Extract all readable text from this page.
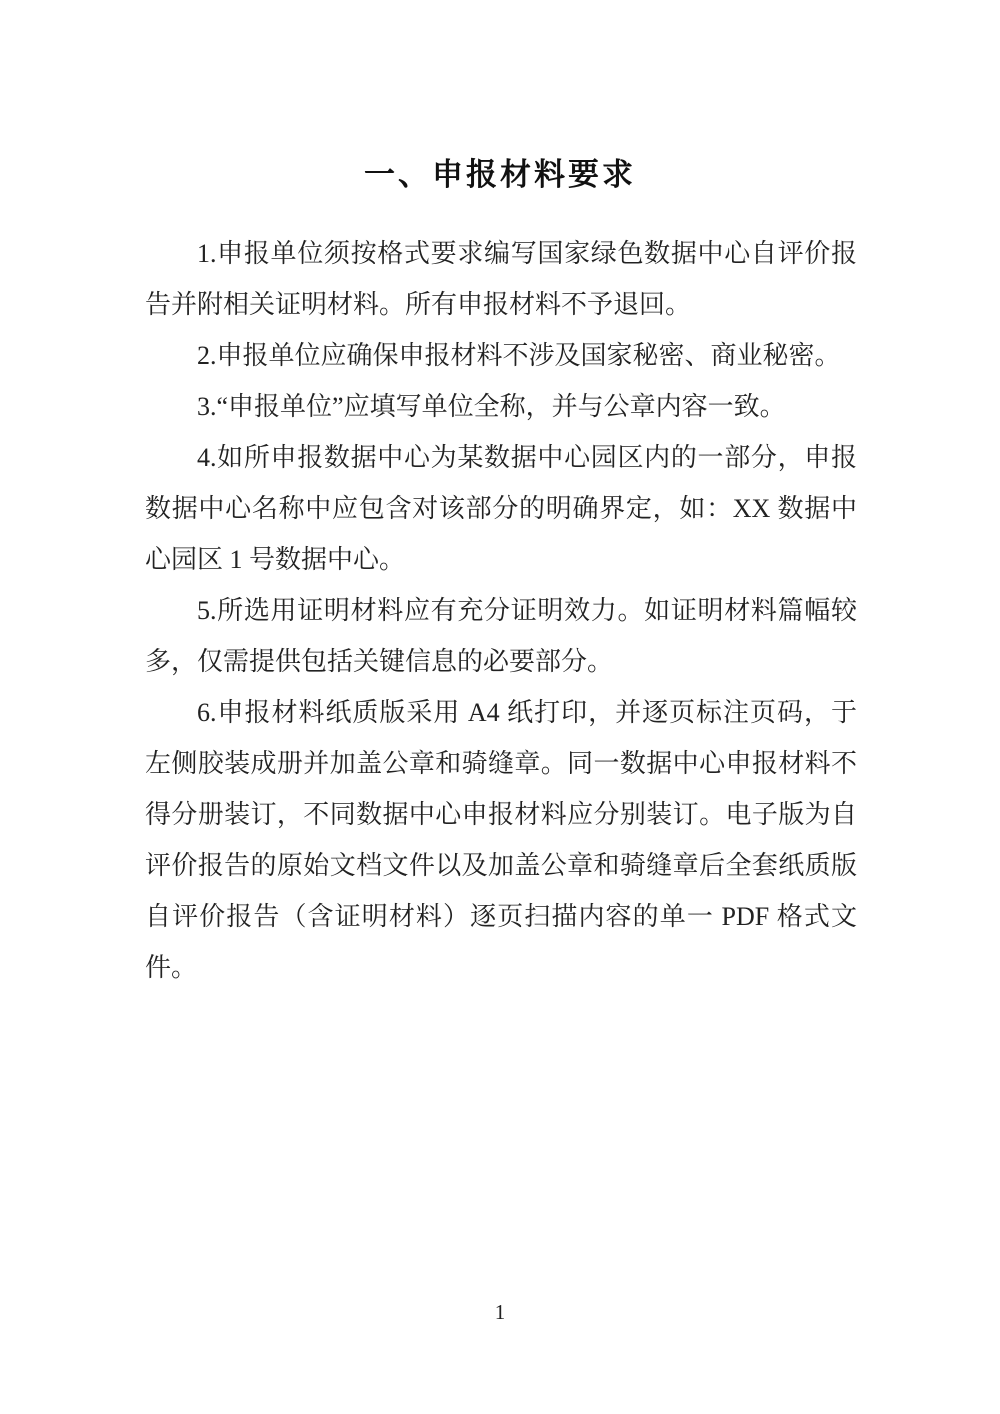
一、申报材料要求

1.申报单位须按格式要求编写国家绿色数据中心自评价报告并附相关证明材料。所有申报材料不予退回。

2.申报单位应确保申报材料不涉及国家秘密、商业秘密。

3.“申报单位”应填写单位全称，并与公章内容一致。

4.如所申报数据中心为某数据中心园区内的一部分，申报数据中心名称中应包含对该部分的明确界定，如：XX 数据中心园区 1 号数据中心。

5.所选用证明材料应有充分证明效力。如证明材料篇幅较多，仅需提供包括关键信息的必要部分。

6.申报材料纸质版采用 A4 纸打印，并逐页标注页码，于左侧胶装成册并加盖公章和骑缝章。同一数据中心申报材料不得分册装订，不同数据中心申报材料应分别装订。电子版为自评价报告的原始文档文件以及加盖公章和骑缝章后全套纸质版自评价报告（含证明材料）逐页扫描内容的单一 PDF 格式文件。

1
